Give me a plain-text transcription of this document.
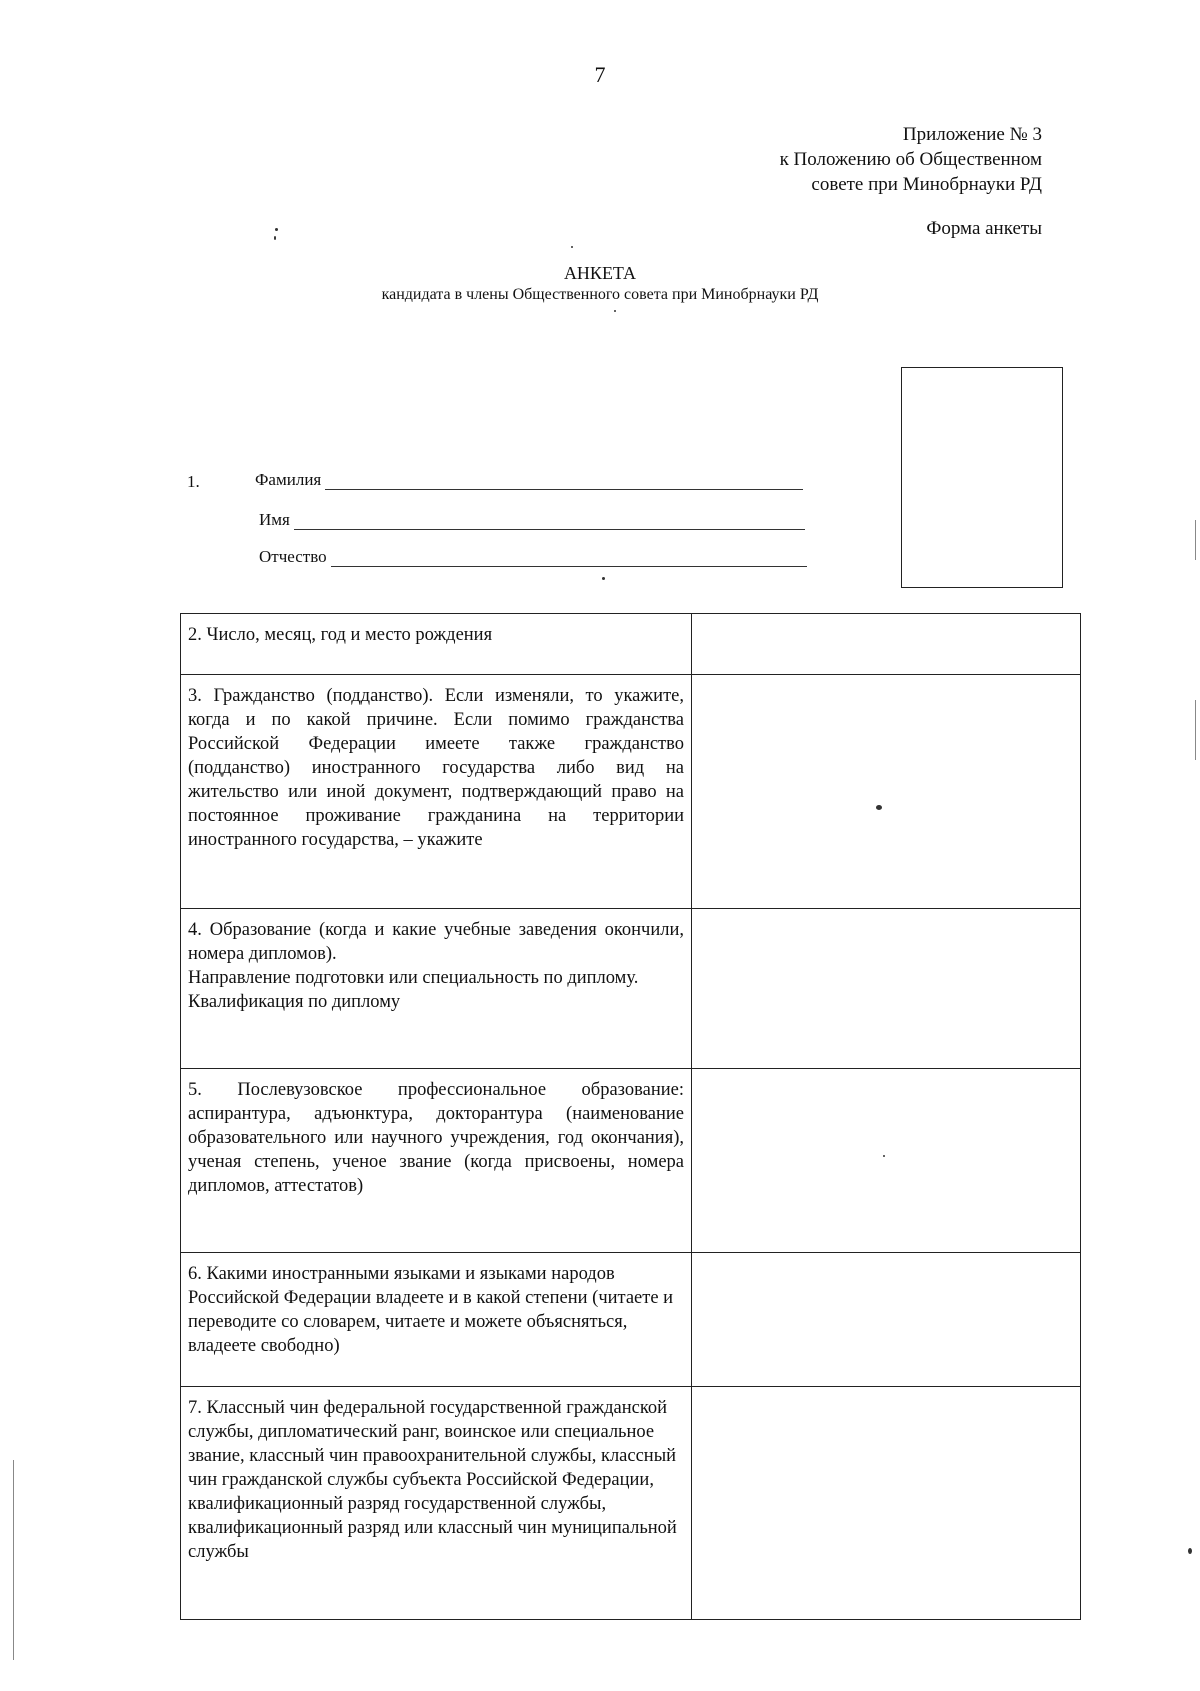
7
Приложение № 3
к Положению об Общественном
совете при Минобрнауки РД
Форма анкеты
АНКЕТА
кандидата в члены Общественного совета при Минобрнауки РД
1.	Фамилия
Имя
Отчество

2. Число, месяц, год и место рождения	

3. Гражданство (подданство). Если изменяли, то укажите, когда и по какой причине. Если помимо гражданства Российской Федерации имеете также гражданство (подданство) иностранного государства либо вид на жительство или иной документ, подтверждающий право на постоянное проживание гражданина на территории иностранного государства, – укажите	

4. Образование (когда и какие учебные заведения окончили, номера дипломов).

Направление подготовки или специальность по диплому.

Квалификация по диплому	

5. Послевузовское профессиональное образование: аспирантура, адъюнктура, докторантура (наименование образовательного или научного учреждения, год окончания), ученая степень, ученое звание (когда присвоены, номера дипломов, аттестатов)	

6. Какими иностранными языками и языками народов Российской Федерации владеете и в какой степени (читаете и переводите со словарем, читаете и можете объясняться, владеете свободно)	

7. Классный чин федеральной государственной гражданской службы, дипломатический ранг, воинское или специальное звание, классный чин правоохранительной службы, классный чин гражданской службы субъекта Российской Федерации, квалификационный разряд государственной службы, квалификационный разряд или классный чин муниципальной службы	
